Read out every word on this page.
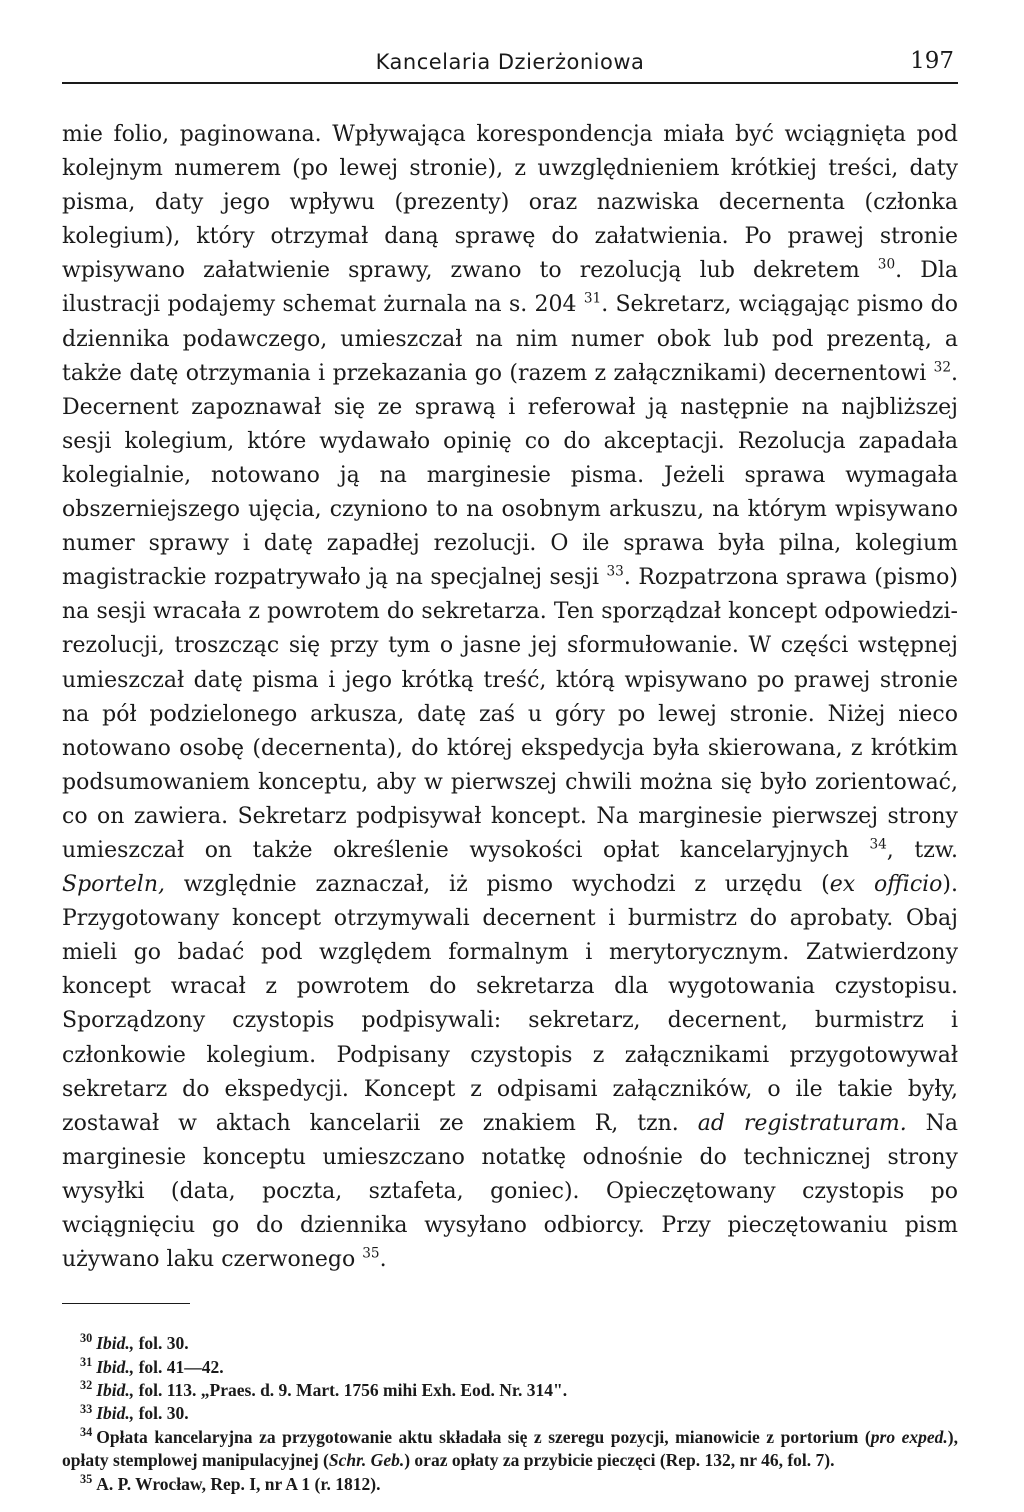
Kancelaria Dzierżoniowa	197

mie folio, paginowana. Wpływająca korespondencja miała być wciągnięta pod kolejnym numerem (po lewej stronie), z uwzględnieniem krótkiej treści, daty pisma, daty jego wpływu (prezenty) oraz nazwiska decernenta (członka kolegium), który otrzymał daną sprawę do załatwienia. Po prawej stronie wpisywano załatwienie sprawy, zwano to rezolucją lub dekretem $^{30}$. Dla ilustracji podajemy schemat żurnala na s. 204 $^{31}$. Sekretarz, wciągając pismo do dziennika podawczego, umieszczał na nim numer obok lub pod prezentą, a także datę otrzymania i przekazania go (razem z załącznikami) decernentowi $^{32}$. Decernent zapoznawał się ze sprawą i referował ją następnie na najbliższej sesji kolegium, które wydawało opinię co do akceptacji. Rezolucja zapadała kolegialnie, notowano ją na marginesie pisma. Jeżeli sprawa wymagała obszerniejszego ujęcia, czyniono to na osobnym arkuszu, na którym wpisywano numer sprawy i datę zapadłej rezolucji. O ile sprawa była pilna, kolegium magistrackie rozpatrywało ją na specjalnej sesji $^{33}$. Rozpatrzona sprawa (pismo) na sesji wracała z powrotem do sekretarza. Ten sporządzał koncept odpowiedzi-rezolucji, troszcząc się przy tym o jasne jej sformułowanie. W części wstępnej umieszczał datę pisma i jego krótką treść, którą wpisywano po prawej stronie na pół podzielonego arkusza, datę zaś u góry po lewej stronie. Niżej nieco notowano osobę (decernenta), do której ekspedycja była skierowana, z krótkim podsumowaniem konceptu, aby w pierwszej chwili można się było zorientować, co on zawiera. Sekretarz podpisywał koncept. Na marginesie pierwszej strony umieszczał on także określenie wysokości opłat kancelaryjnych $^{34}$, tzw. Sporteln, względnie zaznaczał, iż pismo wychodzi z urzędu (ex officio). Przygotowany koncept otrzymywali decernent i burmistrz do aprobaty. Obaj mieli go badać pod względem formalnym i merytorycznym. Zatwierdzony koncept wracał z powrotem do sekretarza dla wygotowania czystopisu. Sporządzony czystopis podpisywali: sekretarz, decernent, burmistrz i członkowie kolegium. Podpisany czystopis z załącznikami przygotowywał sekretarz do ekspedycji. Koncept z odpisami załączników, o ile takie były, zostawał w aktach kancelarii ze znakiem R, tzn. ad registraturam. Na marginesie konceptu umieszczano notatkę odnośnie do technicznej strony wysyłki (data, poczta, sztafeta, goniec). Opieczętowany czystopis po wciągnięciu go do dziennika wysyłano odbiorcy. Przy pieczętowaniu pism używano laku czerwonego $^{35}$.

$^{30}$ Ibid., fol. 30.

$^{31}$ Ibid., fol. 41—42.

$^{32}$ Ibid., fol. 113. „Praes. d. 9. Mart. 1756 mihi Exh. Eod. Nr. 314".

$^{33}$ Ibid., fol. 30.

$^{34}$ Opłata kancelaryjna za przygotowanie aktu składała się z szeregu pozycji, mianowicie z portorium (pro exped.), opłaty stemplowej manipulacyjnej (Schr. Geb.) oraz opłaty za przybicie pieczęci (Rep. 132, nr 46, fol. 7).

$^{35}$ A. P. Wrocław, Rep. I, nr A 1 (r. 1812).
